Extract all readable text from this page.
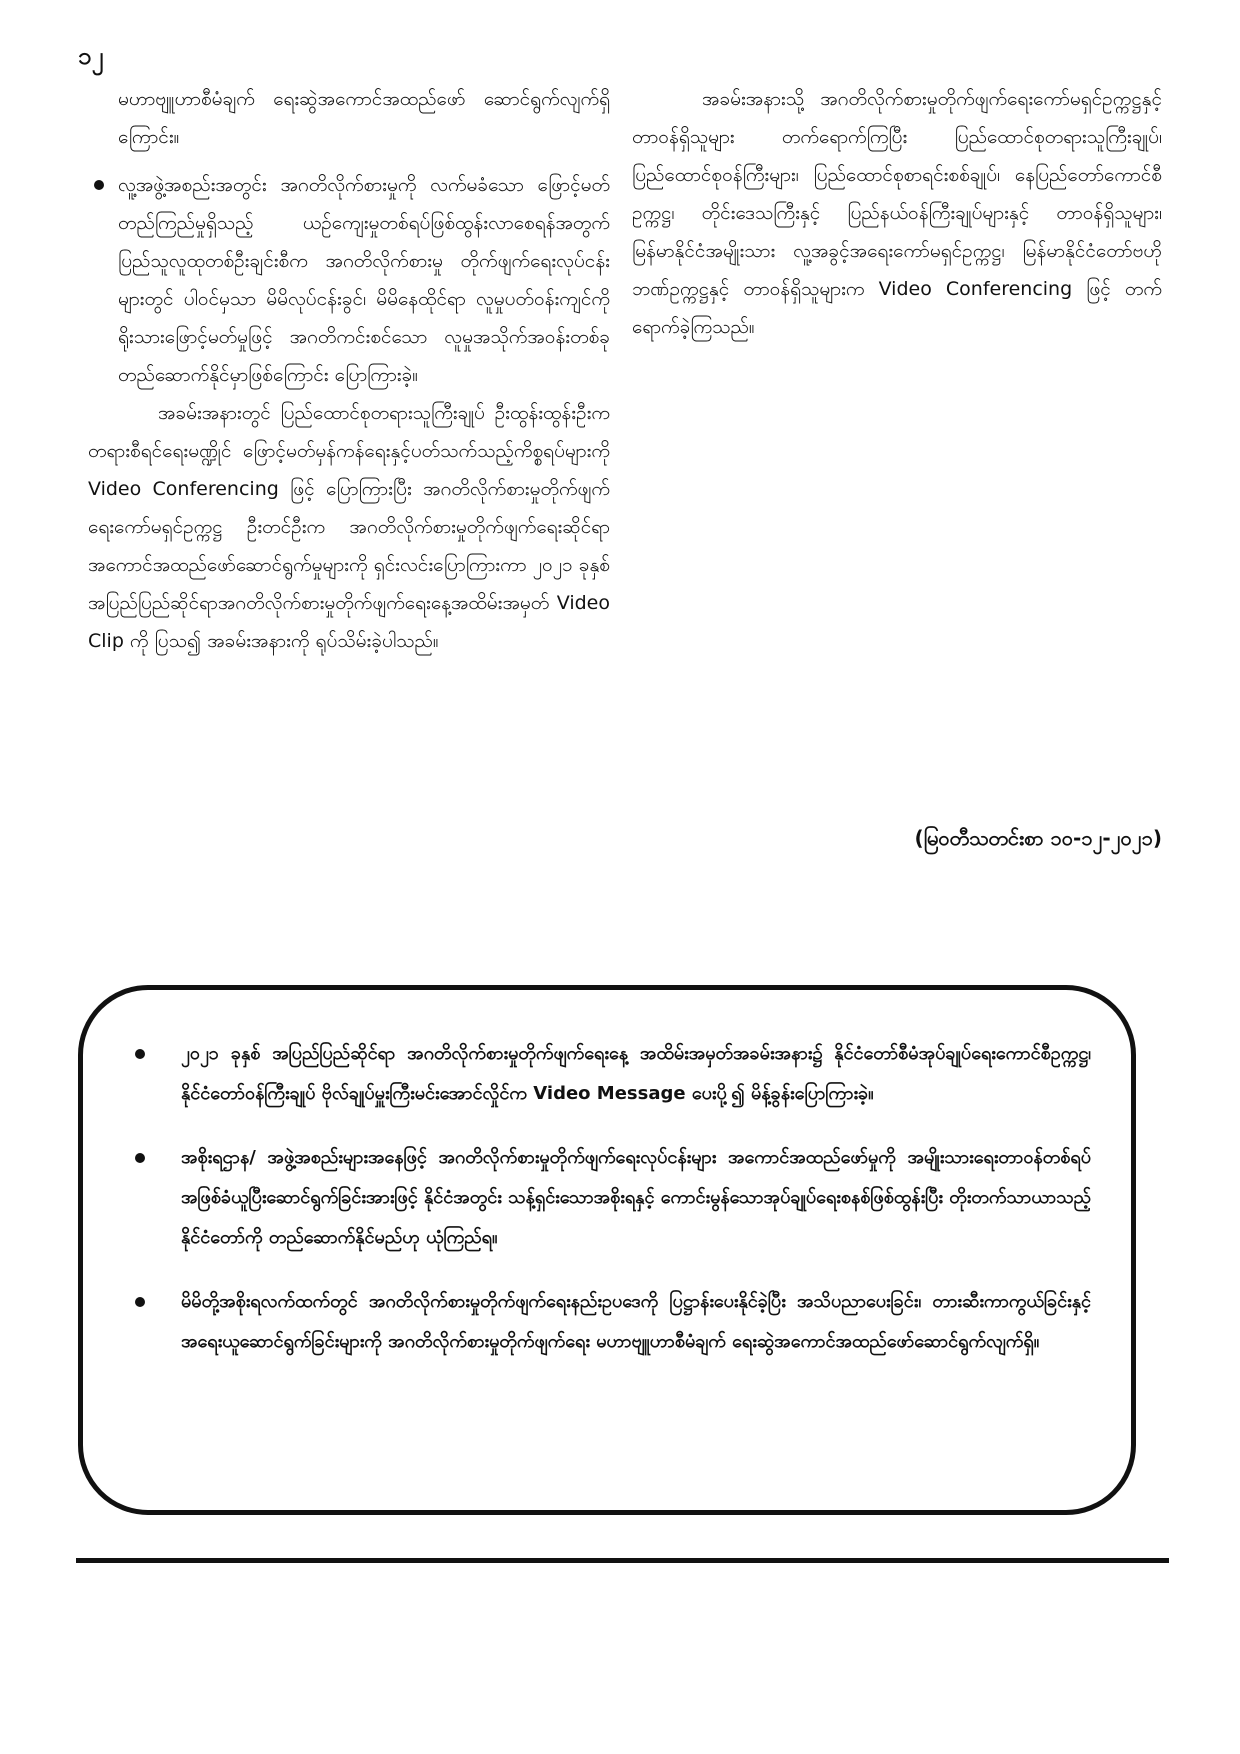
၁၂

မဟာဗျူဟာစီမံချက် ရေးဆွဲအကောင်အထည်ဖော် ဆောင်ရွက်လျက်ရှိကြောင်း။

လူ့အဖွဲ့အစည်းအတွင်း အဂတိလိုက်စားမှုကို လက်မခံသော ဖြောင့်မတ်တည်ကြည်မှုရှိသည့် ယဉ်ကျေးမှုတစ်ရပ်ဖြစ်ထွန်းလာစေရန်အတွက် ပြည်သူလူထုတစ်ဦးချင်းစီက အဂတိလိုက်စားမှု တိုက်ဖျက်ရေးလုပ်ငန်းများတွင် ပါဝင်မှသာ မိမိလုပ်ငန်းခွင်၊ မိမိနေထိုင်ရာ လူမှုပတ်ဝန်းကျင်ကို ရိုးသားဖြောင့်မတ်မှုဖြင့် အဂတိကင်းစင်သော လူမှုအသိုက်အဝန်းတစ်ခု တည်ဆောက်နိုင်မှာဖြစ်ကြောင်း ပြောကြားခဲ့။

အခမ်းအနားတွင် ပြည်ထောင်စုတရားသူကြီးချုပ် ဦးထွန်းထွန်းဦးက တရားစီရင်ရေးမဏ္ဍိုင် ဖြောင့်မတ်မှန်ကန်ရေးနှင့်ပတ်သက်သည့်ကိစ္စရပ်များကို Video Conferencing ဖြင့် ပြောကြားပြီး အဂတိလိုက်စားမှုတိုက်ဖျက်ရေးကော်မရှင်ဥက္ကဋ္ဌ ဦးတင်ဦးက အဂတိလိုက်စားမှုတိုက်ဖျက်ရေးဆိုင်ရာ အကောင်အထည်ဖော်ဆောင်ရွက်မှုများကို ရှင်းလင်းပြောကြားကာ ၂၀၂၁ ခုနှစ် အပြည်ပြည်ဆိုင်ရာအဂတိလိုက်စားမှုတိုက်ဖျက်ရေးနေ့အထိမ်းအမှတ် Video Clip ကို ပြသ၍ အခမ်းအနားကို ရုပ်သိမ်းခဲ့ပါသည်။

အခမ်းအနားသို့ အဂတိလိုက်စားမှုတိုက်ဖျက်ရေးကော်မရှင်ဥက္ကဋ္ဌနှင့် တာဝန်ရှိသူများ တက်ရောက်ကြပြီး ပြည်ထောင်စုတရားသူကြီးချုပ်၊ ပြည်ထောင်စုဝန်ကြီးများ၊ ပြည်ထောင်စုစာရင်းစစ်ချုပ်၊ နေပြည်တော်ကောင်စီဥက္ကဋ္ဌ၊ တိုင်းဒေသကြီးနှင့် ပြည်နယ်ဝန်ကြီးချုပ်များနှင့် တာဝန်ရှိသူများ၊ မြန်မာနိုင်ငံအမျိုးသား လူ့အခွင့်အရေးကော်မရှင်ဥက္ကဋ္ဌ၊ မြန်မာနိုင်ငံတော်ဗဟိုဘဏ်ဥက္ကဋ္ဌနှင့် တာဝန်ရှိသူများက Video Conferencing ဖြင့် တက်ရောက်ခဲ့ကြသည်။

(မြဝတီသတင်းစာ ၁၀-၁၂-၂၀၂၁)
၂၀၂၁ ခုနှစ် အပြည်ပြည်ဆိုင်ရာ အဂတိလိုက်စားမှုတိုက်ဖျက်ရေးနေ့ အထိမ်းအမှတ်အခမ်းအနား၌ နိုင်ငံတော်စီမံအုပ်ချုပ်ရေးကောင်စီဥက္ကဋ္ဌ၊ နိုင်ငံတော်ဝန်ကြီးချုပ် ဗိုလ်ချုပ်မှူးကြီးမင်းအောင်လှိုင်က Video Message ပေးပို့၍ မိန့်ခွန်းပြောကြားခဲ့။
အစိုးရဌာန/ အဖွဲ့အစည်းများအနေဖြင့် အဂတိလိုက်စားမှုတိုက်ဖျက်ရေးလုပ်ငန်းများ အကောင်အထည်ဖော်မှုကို အမျိုးသားရေးတာဝန်တစ်ရပ်အဖြစ်ခံယူပြီးဆောင်ရွက်ခြင်းအားဖြင့် နိုင်ငံအတွင်း သန့်ရှင်းသောအစိုးရနှင့် ကောင်းမွန်သောအုပ်ချုပ်ရေးစနစ်ဖြစ်ထွန်းပြီး တိုးတက်သာယာသည့်နိုင်ငံတော်ကို တည်ဆောက်နိုင်မည်ဟု ယုံကြည်ရ။
မိမိတို့အစိုးရလက်ထက်တွင် အဂတိလိုက်စားမှုတိုက်ဖျက်ရေးနည်းဥပဒေကို ပြဋ္ဌာန်းပေးနိုင်ခဲ့ပြီး အသိပညာပေးခြင်း၊ တားဆီးကာကွယ်ခြင်းနှင့် အရေးယူဆောင်ရွက်ခြင်းများကို အဂတိလိုက်စားမှုတိုက်ဖျက်ရေး မဟာဗျူဟာစီမံချက် ရေးဆွဲအကောင်အထည်ဖော်ဆောင်ရွက်လျက်ရှိ။
